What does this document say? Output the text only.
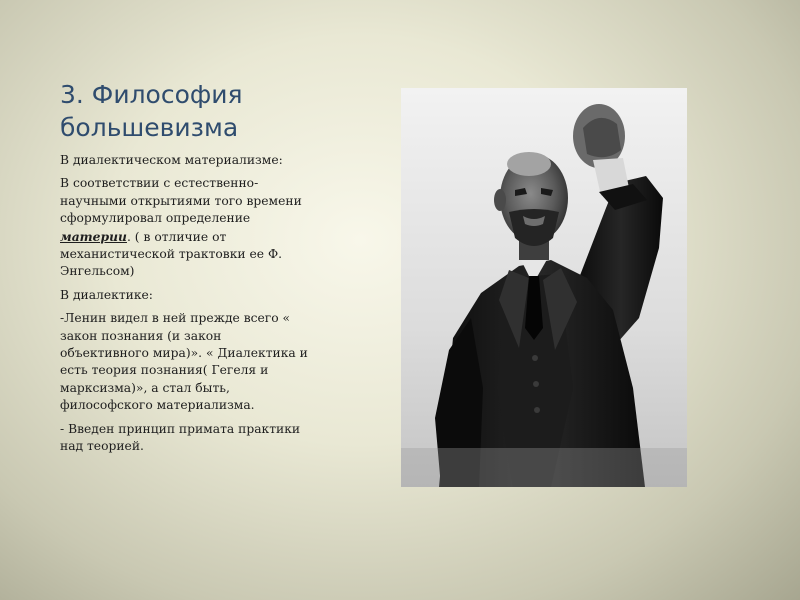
3. Философия большевизма

В диалектическом материализме:

В соответствии с естественно-научными открытиями того времени сформулировал определение материи. ( в отличие от механистической трактовки ее Ф. Энгельсом)

В диалектике:

-Ленин видел в ней прежде всего « закон познания (и закон объективного мира)». « Диалектика и есть теория познания( Гегеля и марксизма)», а стал быть, философского материализма.

- Введен принцип примата практики над теорией.
